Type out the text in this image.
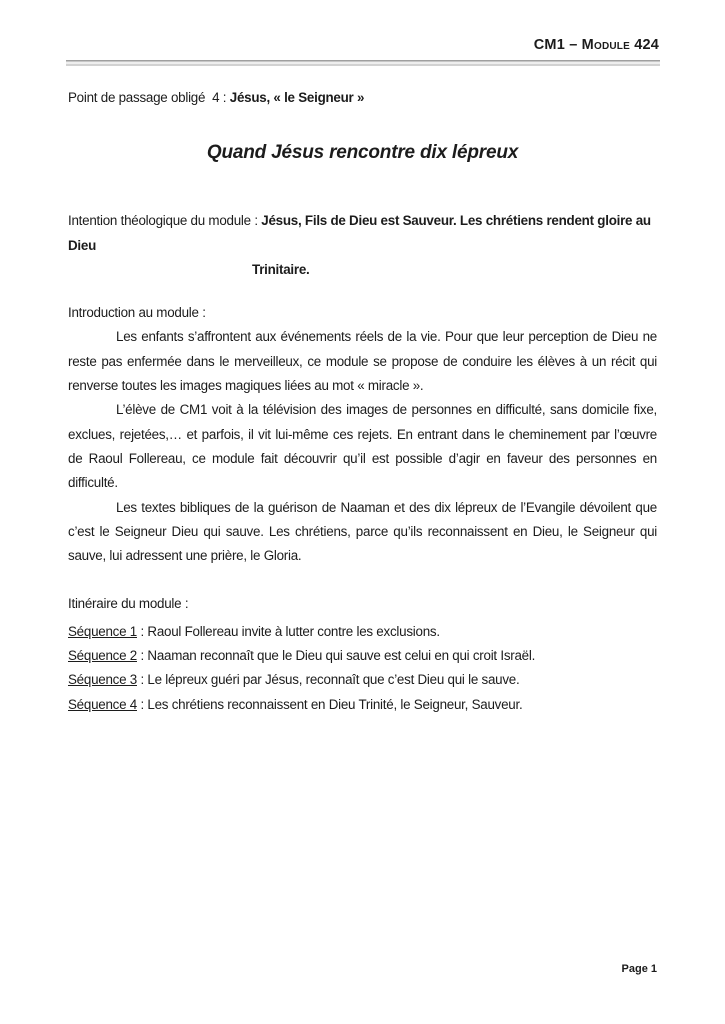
CM1 – Module 424

Point de passage obligé  4 : Jésus, « le Seigneur »

Quand Jésus rencontre dix lépreux
Intention théologique du module : Jésus, Fils de Dieu est Sauveur. Les chrétiens rendent gloire au Dieu
Trinitaire.

Introduction au module :

Les enfants s’affrontent aux événements réels de la vie. Pour que leur perception de Dieu ne reste pas enfermée dans le merveilleux, ce module se propose de conduire les élèves à un récit qui renverse toutes les images magiques liées au mot « miracle ».

L’élève de CM1 voit à la télévision des images de personnes en difficulté, sans domicile fixe, exclues, rejetées,… et parfois, il vit lui-même ces rejets. En entrant dans le cheminement par l’œuvre de Raoul Follereau, ce module fait découvrir qu’il est possible d’agir en faveur des personnes en difficulté.

Les textes bibliques de la guérison de Naaman et des dix lépreux de l’Evangile dévoilent que c’est le Seigneur Dieu qui sauve. Les chrétiens, parce qu’ils reconnaissent en Dieu, le Seigneur qui sauve, lui adressent une prière, le Gloria.

Itinéraire du module :

Séquence 1 : Raoul Follereau invite à lutter contre les exclusions.

Séquence 2 : Naaman reconnaît que le Dieu qui sauve est celui en qui croit Israël.

Séquence 3 : Le lépreux guéri par Jésus, reconnaît que c’est Dieu qui le sauve.

Séquence 4 : Les chrétiens reconnaissent en Dieu Trinité, le Seigneur, Sauveur.

Page 1
